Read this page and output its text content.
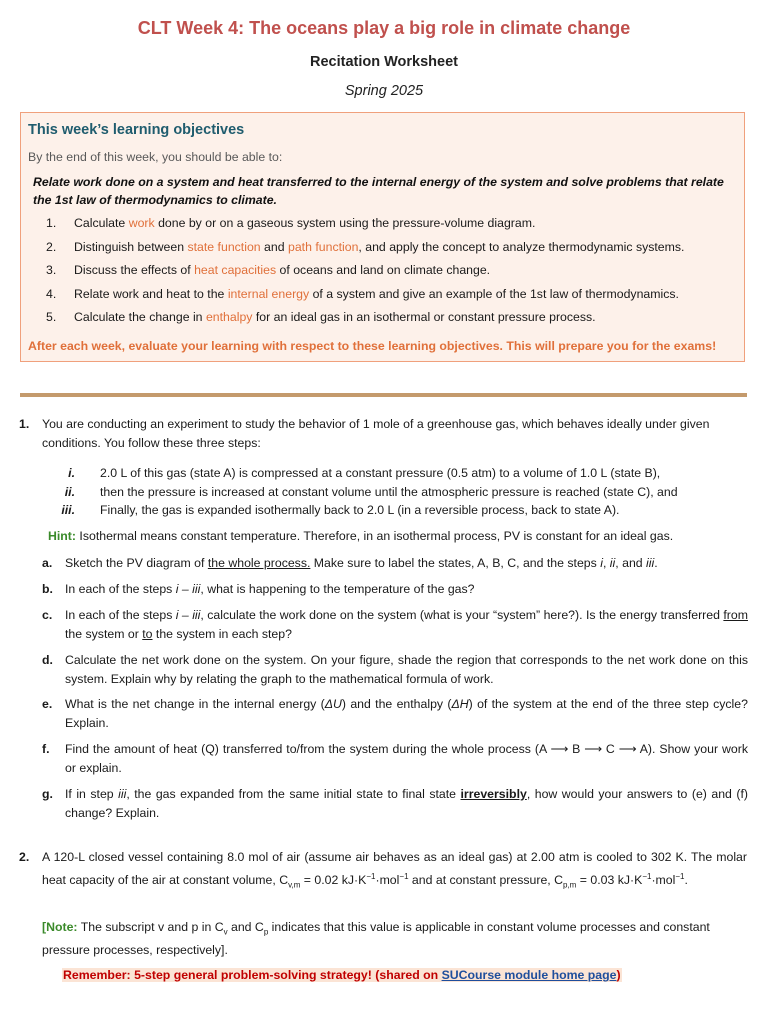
CLT Week 4: The oceans play a big role in climate change
Recitation Worksheet
Spring 2025
This week’s learning objectives
By the end of this week, you should be able to:
Relate work done on a system and heat transferred to the internal energy of the system and solve problems that relate the 1st law of thermodynamics to climate.
1.	Calculate work done by or on a gaseous system using the pressure-volume diagram.
2.	Distinguish between state function and path function, and apply the concept to analyze thermodynamic systems.
3.	Discuss the effects of heat capacities of oceans and land on climate change.
4.	Relate work and heat to the internal energy of a system and give an example of the 1st law of thermodynamics.
5.	Calculate the change in enthalpy for an ideal gas in an isothermal or constant pressure process.
After each week, evaluate your learning with respect to these learning objectives. This will prepare you for the exams!
1. You are conducting an experiment to study the behavior of 1 mole of a greenhouse gas, which behaves ideally under given conditions. You follow these three steps:
i. 2.0 L of this gas (state A) is compressed at a constant pressure (0.5 atm) to a volume of 1.0 L (state B),
ii. then the pressure is increased at constant volume until the atmospheric pressure is reached (state C), and
iii. Finally, the gas is expanded isothermally back to 2.0 L (in a reversible process, back to state A).
Hint: Isothermal means constant temperature. Therefore, in an isothermal process, PV is constant for an ideal gas.
a. Sketch the PV diagram of the whole process. Make sure to label the states, A, B, C, and the steps i, ii, and iii.
b. In each of the steps i – iii, what is happening to the temperature of the gas?
c. In each of the steps i – iii, calculate the work done on the system (what is your “system” here?). Is the energy transferred from the system or to the system in each step?
d. Calculate the net work done on the system. On your figure, shade the region that corresponds to the net work done on this system. Explain why by relating the graph to the mathematical formula of work.
e. What is the net change in the internal energy (ΔU) and the enthalpy (ΔH) of the system at the end of the three step cycle? Explain.
f. Find the amount of heat (Q) transferred to/from the system during the whole process (A ⟶ B ⟶ C ⟶ A). Show your work or explain.
g. If in step iii, the gas expanded from the same initial state to final state irreversibly, how would your answers to (e) and (f) change? Explain.
2. A 120-L closed vessel containing 8.0 mol of air (assume air behaves as an ideal gas) at 2.00 atm is cooled to 302 K. The molar heat capacity of the air at constant volume, $C_{v,m} = 0.02$ $kJ\cdot K^{-1}\cdot mol^{-1}$ and at constant pressure, $C_{p,m} = 0.03$ $kJ\cdot K^{-1}\cdot mol^{-1}$.
[Note: The subscript v and p in $C_v$ and $C_p$ indicates that this value is applicable in constant volume processes and constant pressure processes, respectively].
Remember: 5-step general problem-solving strategy! (shared on SUCourse module home page)
